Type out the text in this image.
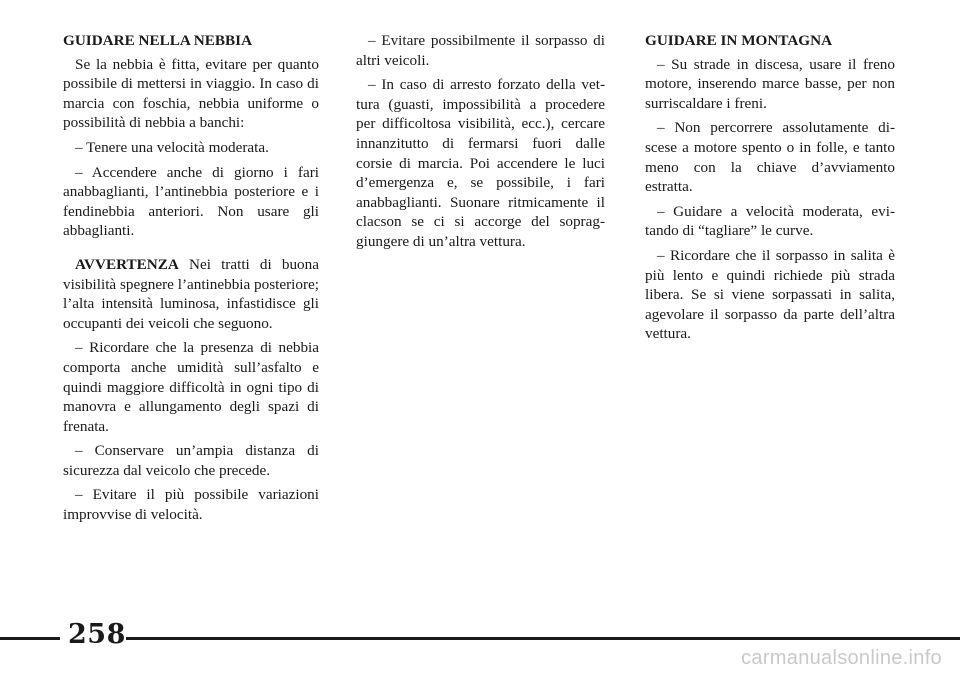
GUIDARE NELLA NEBBIA

Se la nebbia è fitta, evitare per quanto possibile di mettersi in viaggio. In caso di marcia con foschia, nebbia uniforme o possibilità di nebbia a banchi:

– Tenere una velocità moderata.

– Accendere anche di giorno i fari anabbaglianti, l’antinebbia posteriore e i fendinebbia anteriori. Non usare gli abbaglianti.

AVVERTENZA Nei tratti di buona visibilità spegnere l’antinebbia posteriore; l’alta intensità luminosa, infastidisce gli occupanti dei veicoli che seguono.

– Ricordare che la presenza di nebbia comporta anche umidità sull’asfalto e quindi maggiore difficoltà in ogni tipo di manovra e allungamento degli spazi di frenata.

– Conservare un’ampia distanza di sicurezza dal veicolo che precede.

– Evitare il più possibile variazioni improvvise di velocità.

– Evitare possibilmente il sorpasso di altri veicoli.

– In caso di arresto forzato della vettura (guasti, impossibilità a procedere per difficoltosa visibilità, ecc.), cercare innanzitutto di fermarsi fuori dalle corsie di marcia. Poi accendere le luci d’emergenza e, se possibile, i fari anabbaglianti. Suonare ritmicamente il clacson se ci si accorge del sopraggiungere di un’altra vettura.

GUIDARE IN MONTAGNA

– Su strade in discesa, usare il freno motore, inserendo marce basse, per non surriscaldare i freni.

– Non percorrere assolutamente discese a motore spento o in folle, e tanto meno con la chiave d’avviamento estratta.

– Guidare a velocità moderata, evitando di “tagliare” le curve.

– Ricordare che il sorpasso in salita è più lento e quindi richiede più strada libera. Se si viene sorpassati in salita, agevolare il sorpasso da parte dell’altra vettura.

258
carmanualsonline.info
